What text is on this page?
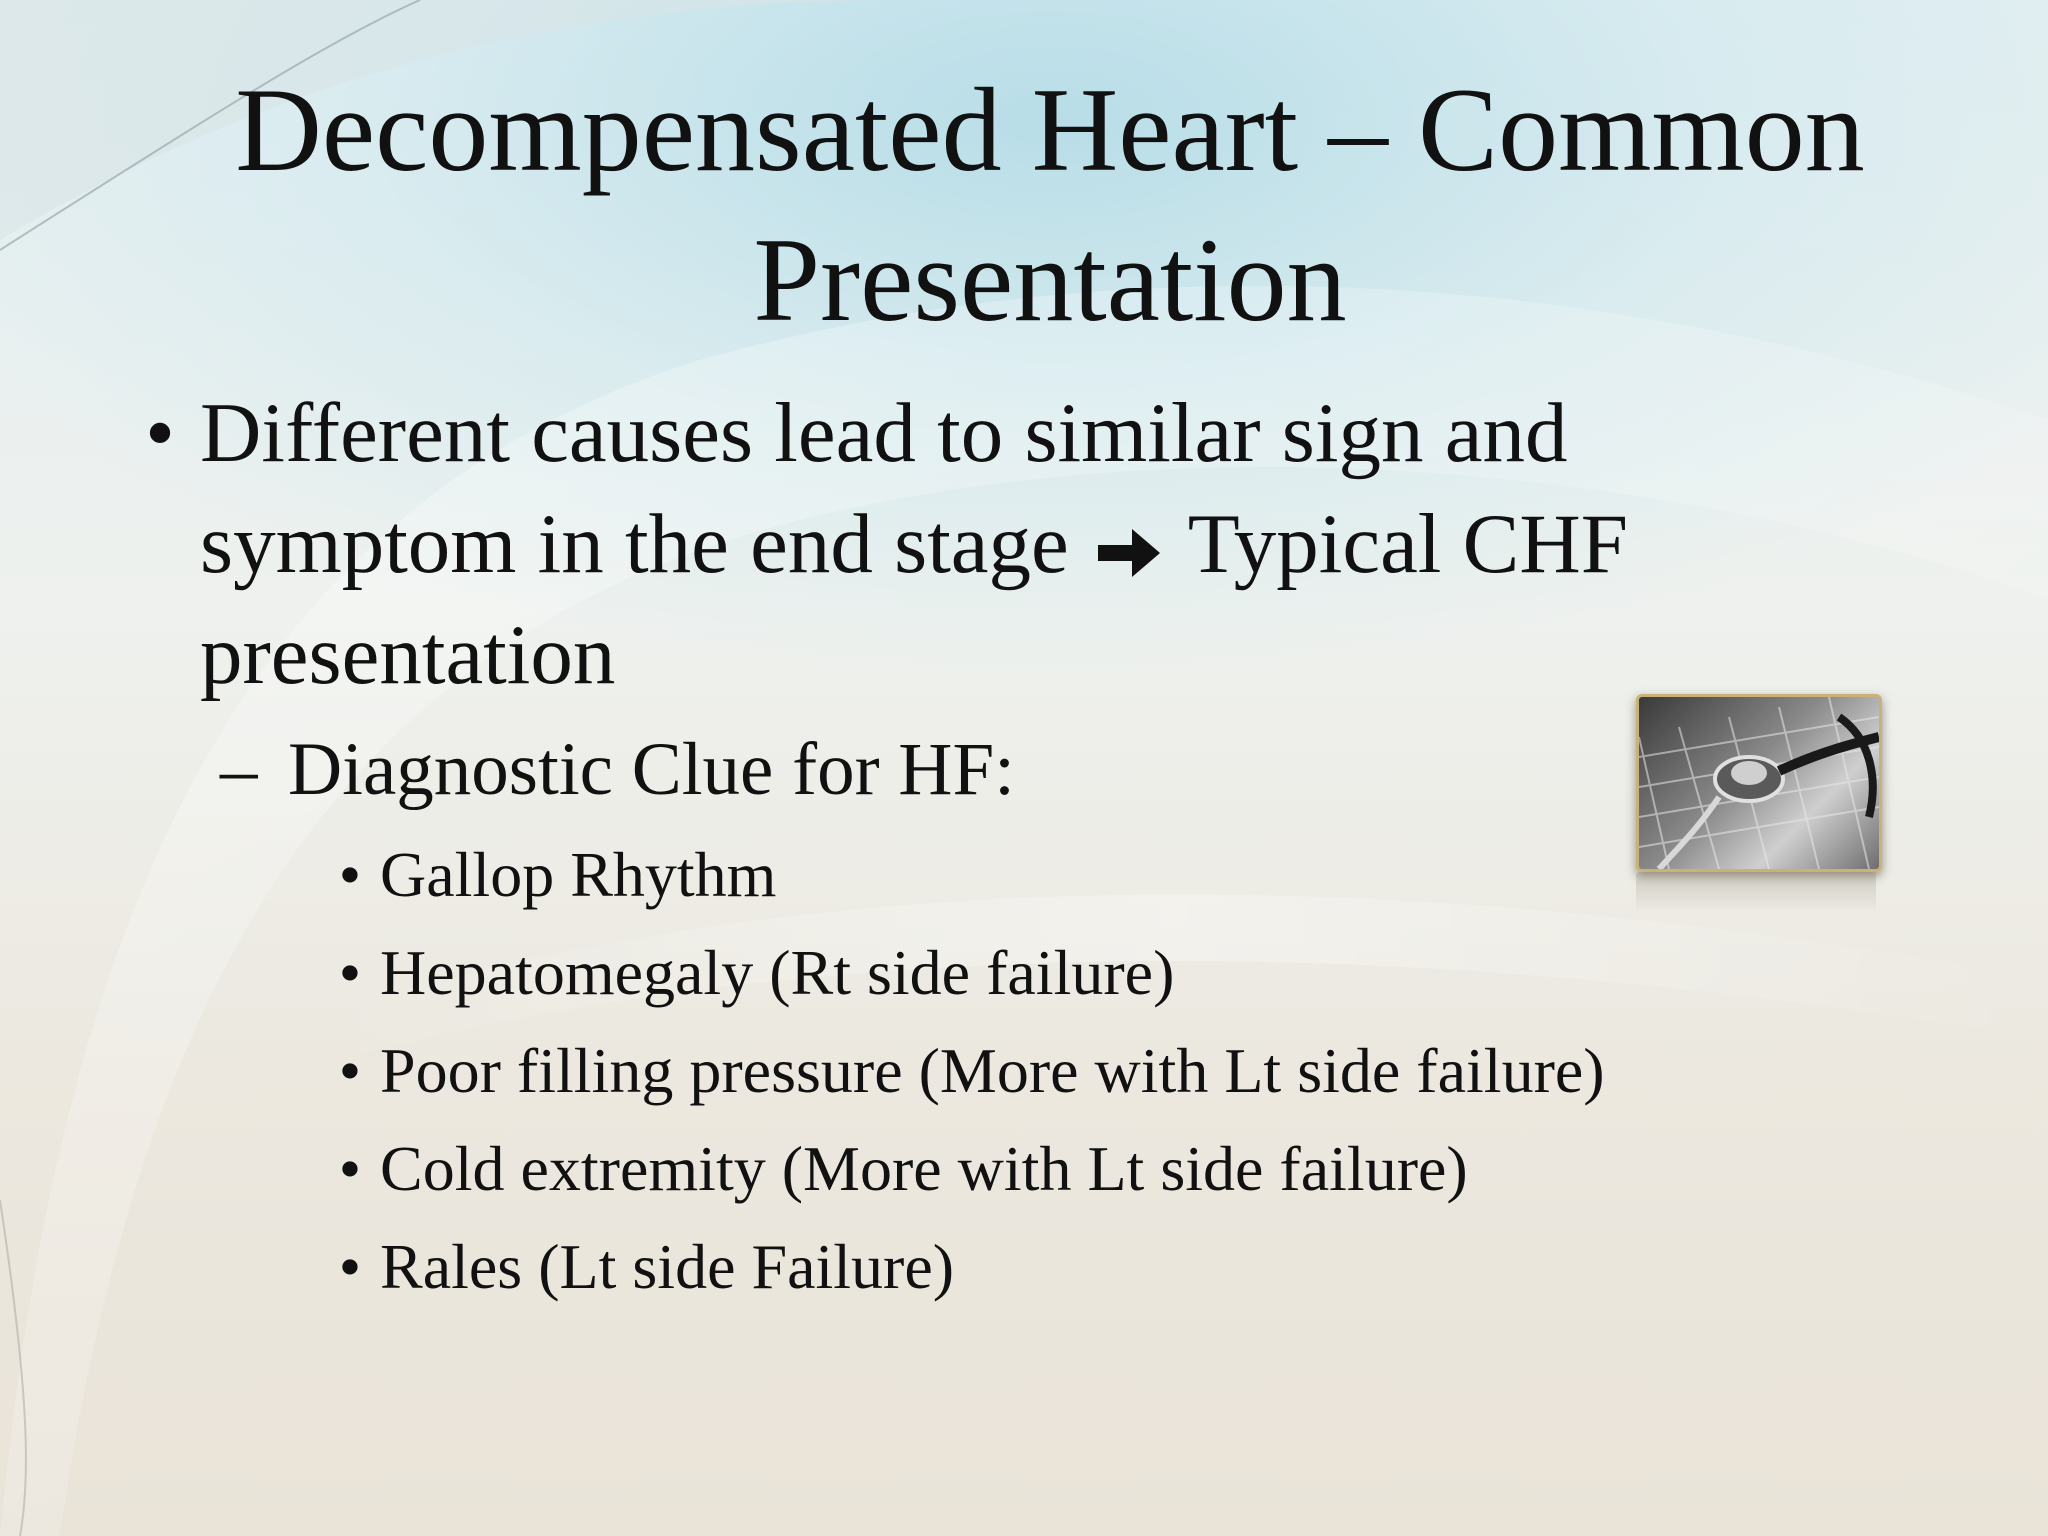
Decompensated Heart – Common Presentation
• Different causes lead to similar sign and symptom in the end stage Typical CHF presentation
– Diagnostic Clue for HF:
• Gallop Rhythm
• Hepatomegaly (Rt side failure)
• Poor filling pressure (More with Lt side failure)
• Cold extremity (More with Lt side failure)
• Rales (Lt side Failure)
